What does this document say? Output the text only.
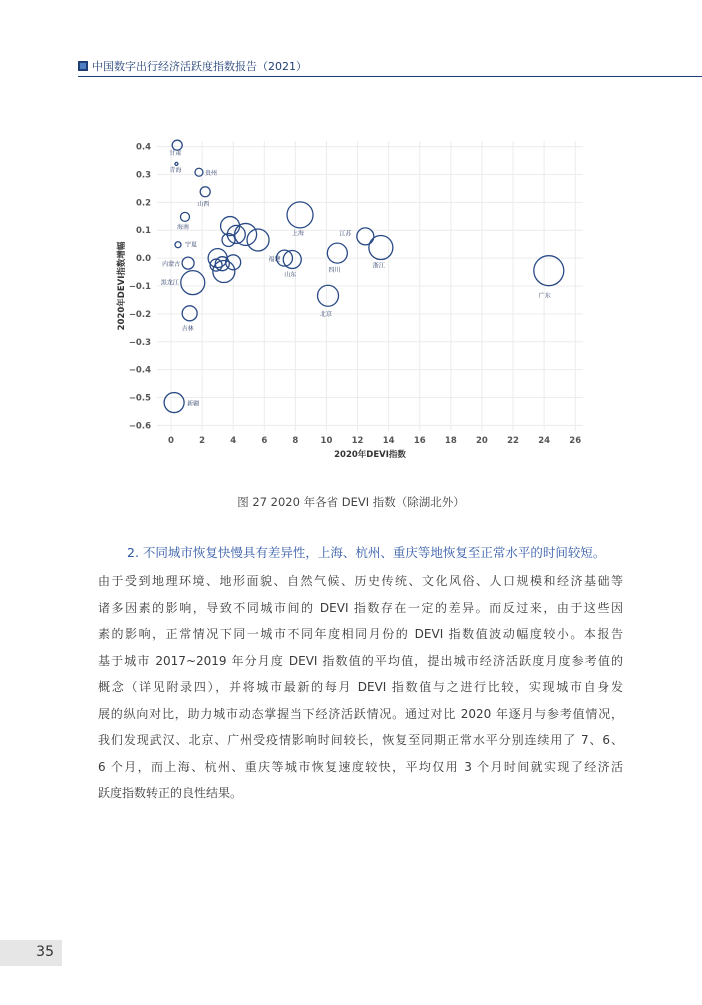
中国数字出行经济活跃度指数报告（2021）
0	2	4	6	8	10 12 14 16 18 20 22 24 26
0.4
0.3
0.2
0.1
0.0
−0.1
−0.2
−0.3
−0.4
−0.5
−0.6
2020年DEVI指数
2020年DEVI指数增幅
甘肃
青海	贵州
山西
海南
宁夏
内蒙古
黑龙江
吉林
新疆
福建
山东
上海
四川
江苏
浙江
北京
广东
图 27 2020 年各省 DEVI 指数（除湖北外）
2. 不同城市恢复快慢具有差异性，上海、杭州、重庆等地恢复至正常水平的时间较短。
由于受到地理环境、地形面貌、自然气候、历史传统、文化风俗、人口规模和经济基础等
诸多因素的影响，导致不同城市间的 DEVI 指数存在一定的差异。而反过来，由于这些因
素的影响，正常情况下同一城市不同年度相同月份的 DEVI 指数值波动幅度较小。本报告
基于城市 2017~2019 年分月度 DEVI 指数值的平均值，提出城市经济活跃度月度参考值的
概念（详见附录四），并将城市最新的每月 DEVI 指数值与之进行比较，实现城市自身发
展的纵向对比，助力城市动态掌握当下经济活跃情况。通过对比 2020 年逐月与参考值情况，
我们发现武汉、北京、广州受疫情影响时间较长，恢复至同期正常水平分别连续用了 7、6、
6 个月，而上海、杭州、重庆等城市恢复速度较快，平均仅用 3 个月时间就实现了经济活
跃度指数转正的良性结果。
35
